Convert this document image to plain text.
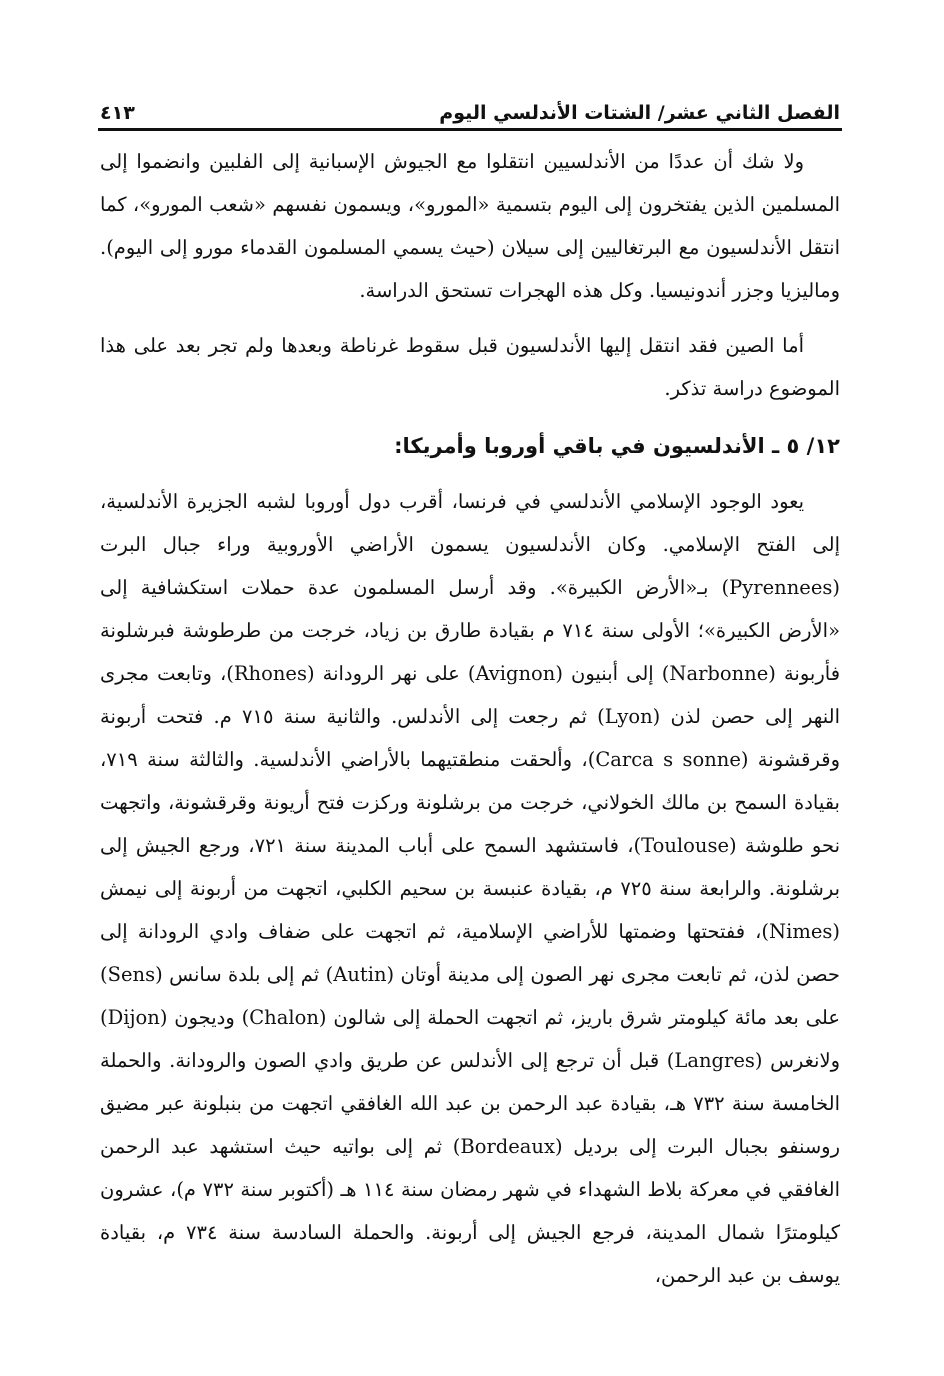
الفصل الثاني عشر/ الشتات الأندلسي اليوم
٤١٣

ولا شك أن عددًا من الأندلسيين انتقلوا مع الجيوش الإسبانية إلى الفلبين وانضموا إلى المسلمين الذين يفتخرون إلى اليوم بتسمية «المورو»، ويسمون نفسهم «شعب المورو»، كما انتقل الأندلسيون مع البرتغاليين إلى سيلان (حيث يسمي المسلمون القدماء مورو إلى اليوم). وماليزيا وجزر أندونيسيا. وكل هذه الهجرات تستحق الدراسة.

أما الصين فقد انتقل إليها الأندلسيون قبل سقوط غرناطة وبعدها ولم تجر بعد على هذا الموضوع دراسة تذكر.

١٢/ ٥ ـ الأندلسيون في باقي أوروبا وأمريكا:

يعود الوجود الإسلامي الأندلسي في فرنسا، أقرب دول أوروبا لشبه الجزيرة الأندلسية، إلى الفتح الإسلامي. وكان الأندلسيون يسمون الأراضي الأوروبية وراء جبال البرت (Pyrennees) بـ«الأرض الكبيرة». وقد أرسل المسلمون عدة حملات استكشافية إلى «الأرض الكبيرة»؛ الأولى سنة ٧١٤ م بقيادة طارق بن زياد، خرجت من طرطوشة فبرشلونة فأربونة (Narbonne) إلى أبنيون (Avignon) على نهر الرودانة (Rhones)، وتابعت مجرى النهر إلى حصن لذن (Lyon) ثم رجعت إلى الأندلس. والثانية سنة ٧١٥ م. فتحت أربونة وقرقشونة (Carca s sonne)، وألحقت منطقتيهما بالأراضي الأندلسية. والثالثة سنة ٧١٩، بقيادة السمح بن مالك الخولاني، خرجت من برشلونة وركزت فتح أريونة وقرقشونة، واتجهت نحو طلوشة (Toulouse)، فاستشهد السمح على أباب المدينة سنة ٧٢١، ورجع الجيش إلى برشلونة. والرابعة سنة ٧٢٥ م، بقيادة عنبسة بن سحيم الكلبي، اتجهت من أربونة إلى نيمش (Nimes)، ففتحتها وضمتها للأراضي الإسلامية، ثم اتجهت على ضفاف وادي الرودانة إلى حصن لذن، ثم تابعت مجرى نهر الصون إلى مدينة أوتان (Autin) ثم إلى بلدة سانس (Sens) على بعد مائة كيلومتر شرق باريز، ثم اتجهت الحملة إلى شالون (Chalon) وديجون (Dijon) ولانغرس (Langres) قبل أن ترجع إلى الأندلس عن طريق وادي الصون والرودانة. والحملة الخامسة سنة ٧٣٢ هـ، بقيادة عبد الرحمن بن عبد الله الغافقي اتجهت من بنبلونة عبر مضيق روسنفو بجبال البرت إلى برديل (Bordeaux) ثم إلى بواتيه حيث استشهد عبد الرحمن الغافقي في معركة بلاط الشهداء في شهر رمضان سنة ١١٤ هـ (أكتوبر سنة ٧٣٢ م)، عشرون كيلومترًا شمال المدينة، فرجع الجيش إلى أربونة. والحملة السادسة سنة ٧٣٤ م، بقيادة يوسف بن عبد الرحمن،
